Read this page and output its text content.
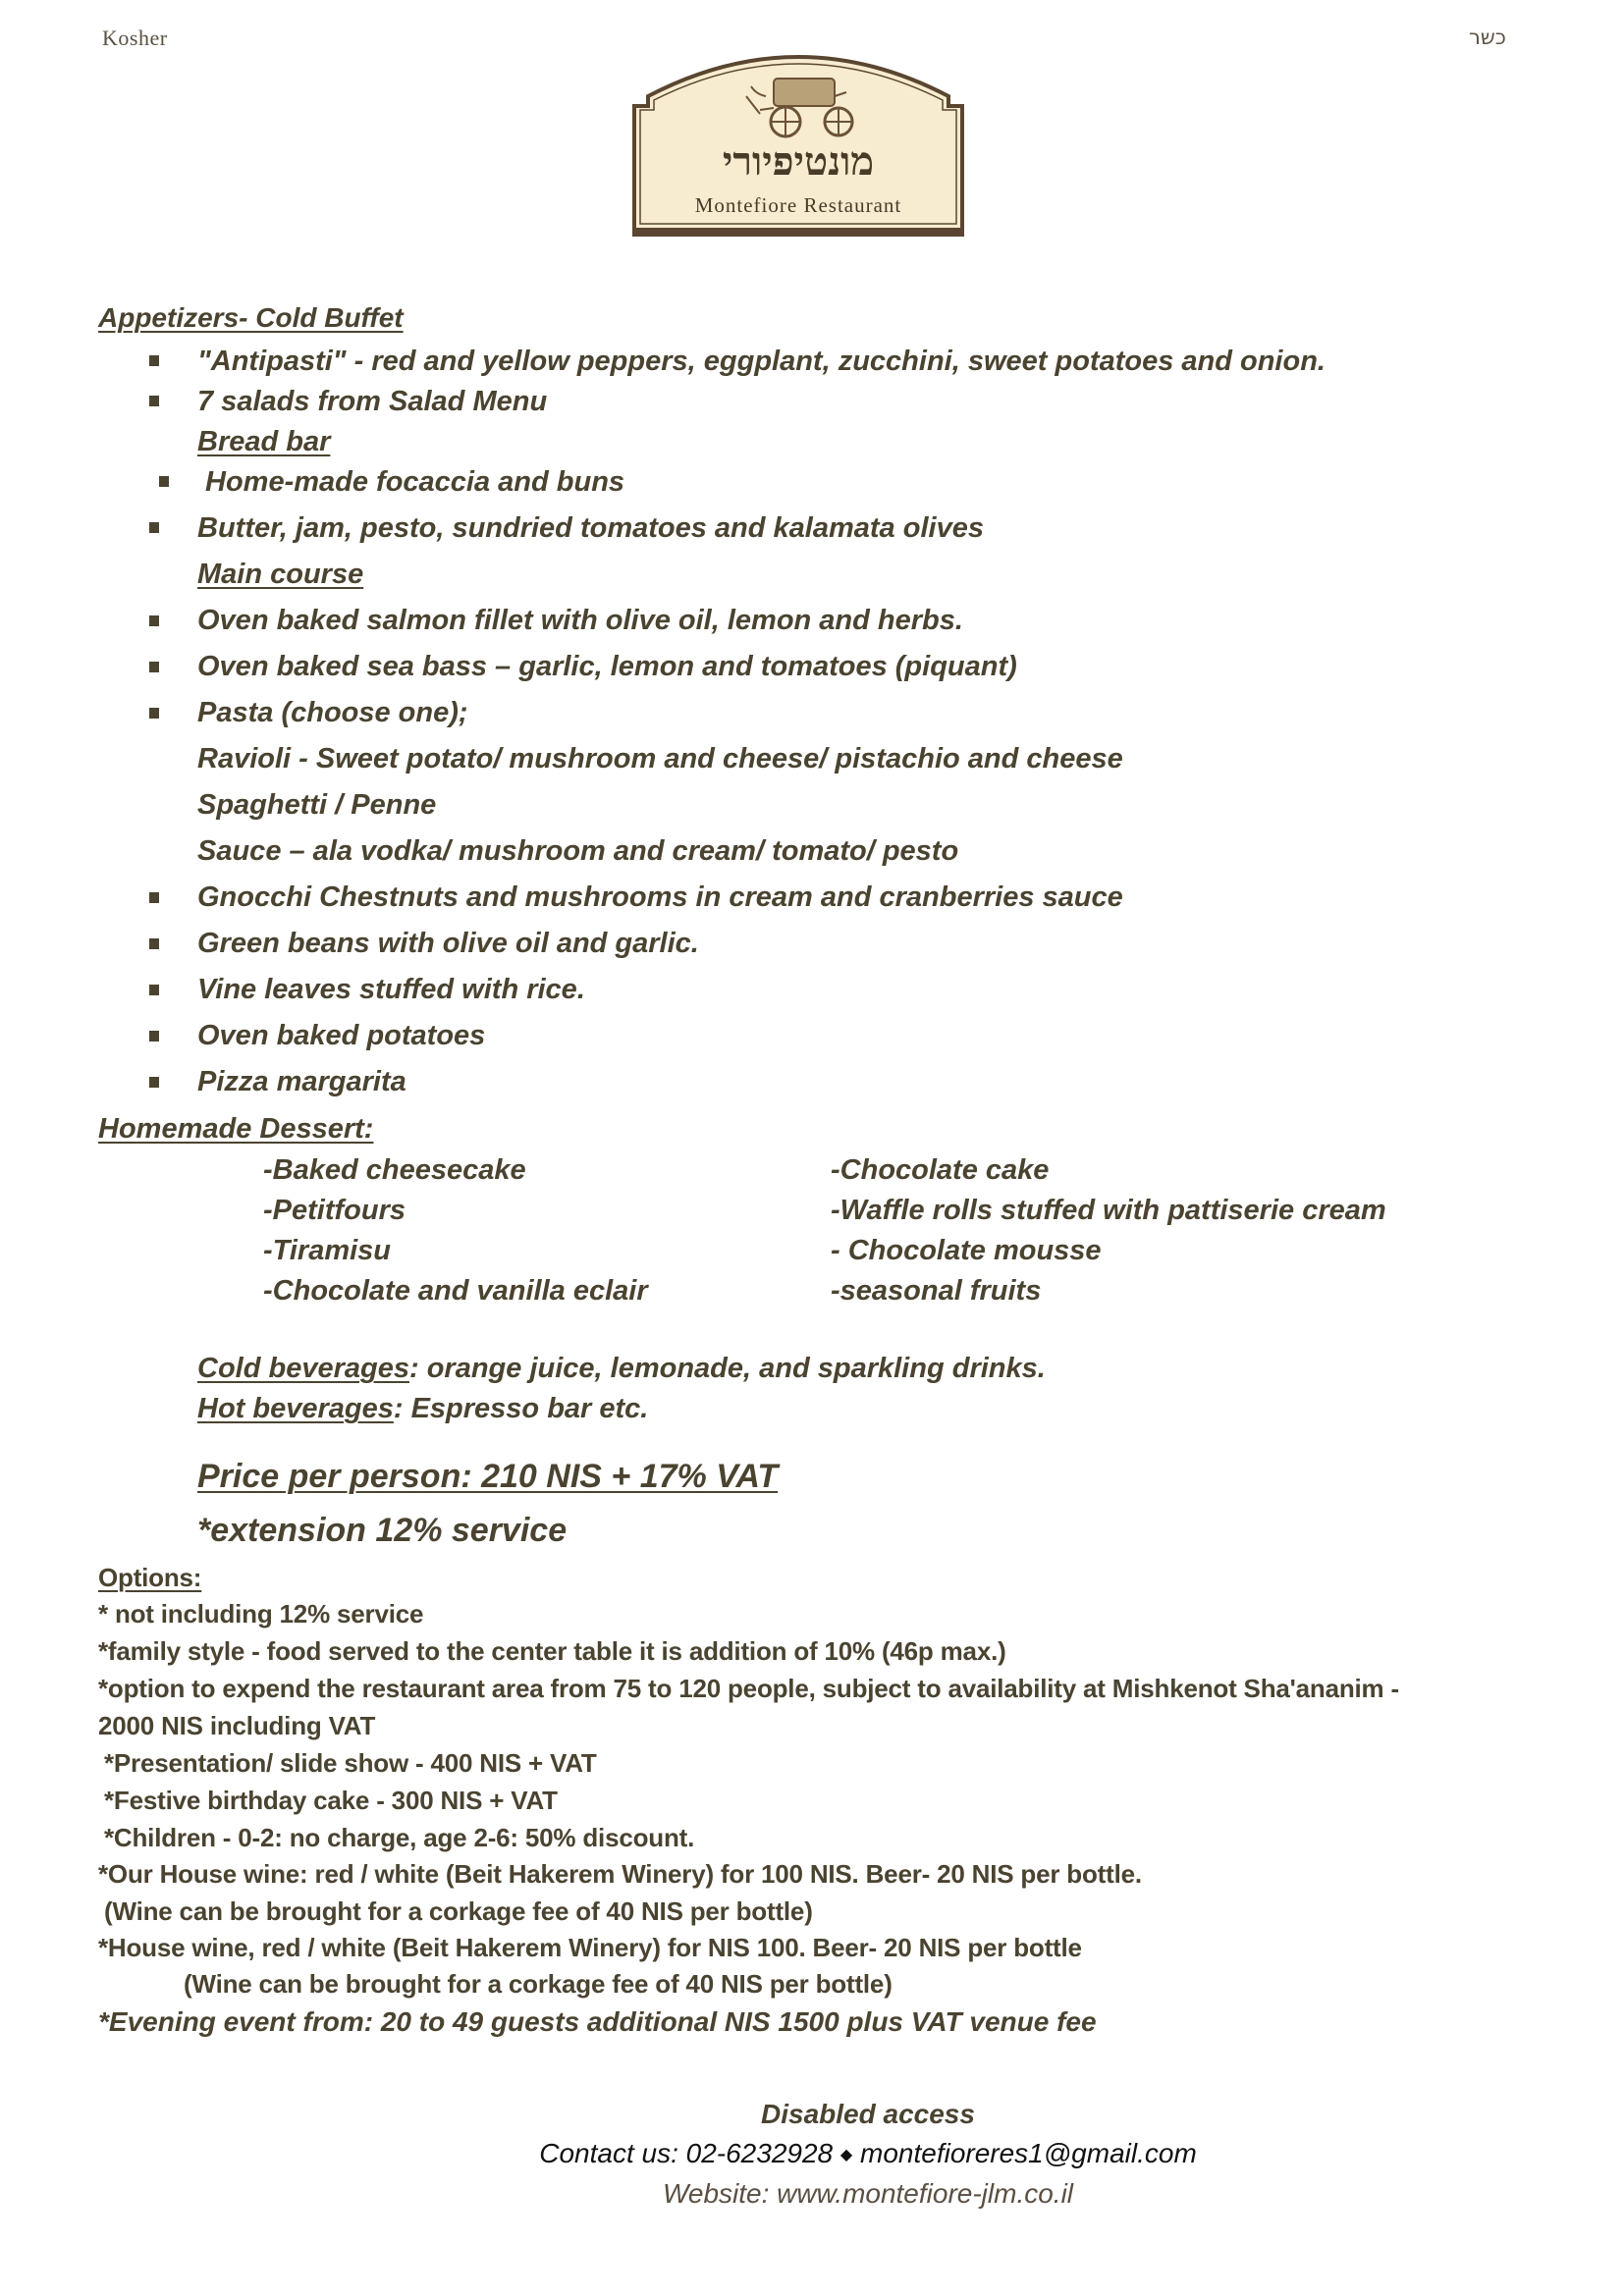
Kosher	כשר
מונטיפיורי
Montefiore Restaurant
Appetizers- Cold Buffet
"Antipasti" - red and yellow peppers, eggplant, zucchini, sweet potatoes and onion.
7 salads from Salad Menu
Bread bar
Home-made focaccia and buns
Butter, jam, pesto, sundried tomatoes and kalamata olives
Main course
Oven baked salmon fillet with olive oil, lemon and herbs.
Oven baked sea bass – garlic, lemon and tomatoes (piquant)
Pasta (choose one);
Ravioli - Sweet potato/ mushroom and cheese/ pistachio and cheese
Spaghetti / Penne
Sauce – ala vodka/ mushroom and cream/ tomato/ pesto
Gnocchi Chestnuts and mushrooms in cream and cranberries sauce
Green beans with olive oil and garlic.
Vine leaves stuffed with rice.
Oven baked potatoes
Pizza margarita
Homemade Dessert:
-Baked cheesecake
-Petitfours
-Tiramisu
-Chocolate and vanilla eclair
-Chocolate cake
-Waffle rolls stuffed with pattiserie cream
- Chocolate mousse
-seasonal fruits
Cold beverages: orange juice, lemonade, and sparkling drinks.
Hot beverages: Espresso bar etc.
Price per person: 210 NIS + 17% VAT
*extension 12% service
Options:
* not including 12% service
*family style - food served to the center table it is addition of 10% (46p max.)
*option to expend the restaurant area from 75 to 120 people, subject to availability at Mishkenot Sha'ananim -
2000 NIS including VAT
*Presentation/ slide show - 400 NIS + VAT
*Festive birthday cake - 300 NIS + VAT
*Children - 0-2: no charge, age 2-6: 50% discount.
*Our House wine: red / white (Beit Hakerem Winery) for 100 NIS. Beer- 20 NIS per bottle.
(Wine can be brought for a corkage fee of 40 NIS per bottle)
*House wine, red / white (Beit Hakerem Winery) for NIS 100. Beer- 20 NIS per bottle
(Wine can be brought for a corkage fee of 40 NIS per bottle)
*Evening event from: 20 to 49 guests additional NIS 1500 plus VAT venue fee
Disabled access
Contact us: 02-6232928 ◆ montefioreres1@gmail.com
Website: www.montefiore-jlm.co.il
